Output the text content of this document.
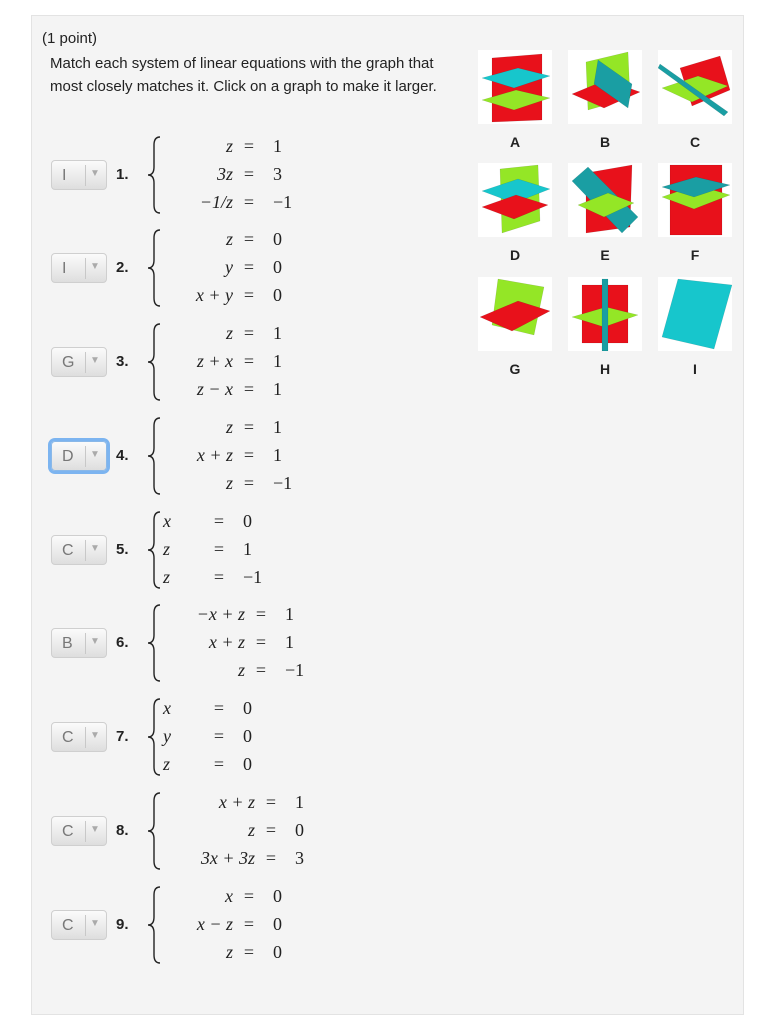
(1 point)
Match each system of linear equations with the graph that most closely matches it. Click on a graph to make it larger.
I ▼ 1.
z = 1
3z = 3
−1/z = −1
I ▼ 2.
z = 0
y = 0
x + y = 0
G ▼ 3.
z = 1
z + x = 1
z − x = 1
D ▼ 4.
z = 1
x + z = 1
z = −1
C ▼ 5.
x	= 0
z	= 1
z	= −1
B ▼ 6.
−x + z = 1
x + z = 1
z = −1
C ▼ 7.
x	= 0
y	= 0
z	= 0
C ▼ 8.
x + z = 1
z = 0
3x + 3z = 3
C ▼ 9.
x = 0
x − z = 0
z = 0
A	B	C
D	E	F
G	H	I
